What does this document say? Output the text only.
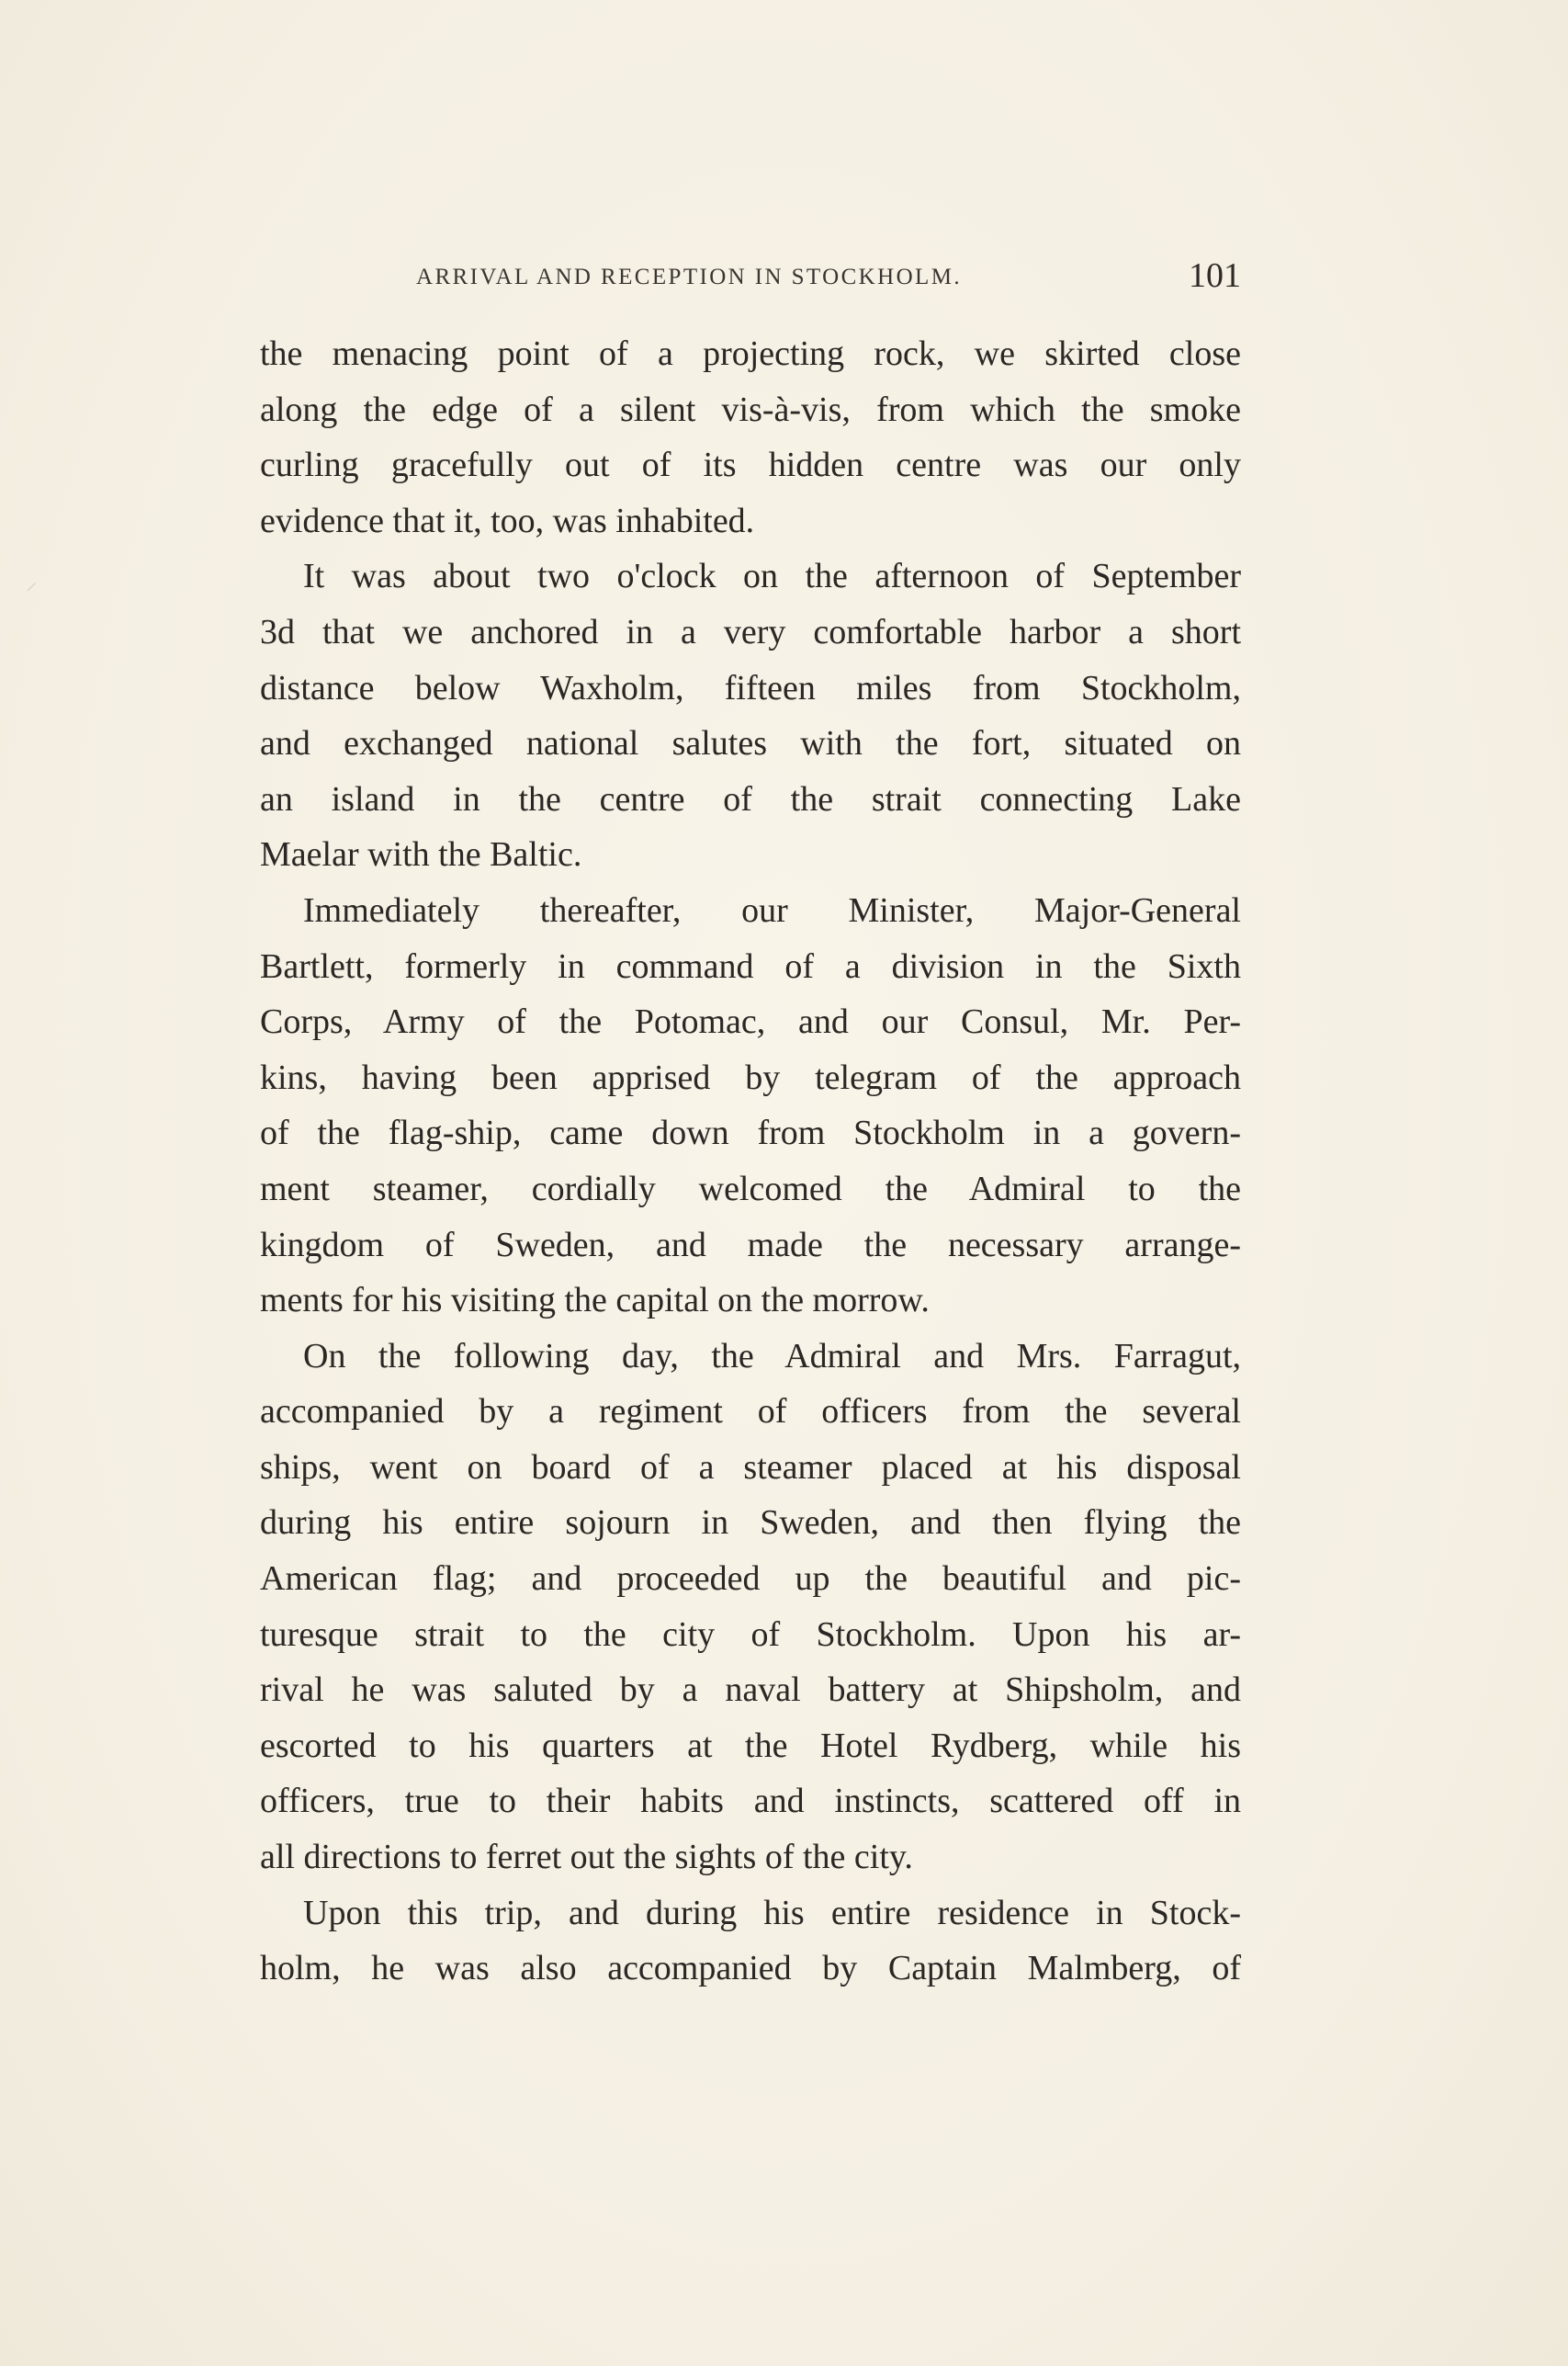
ARRIVAL AND RECEPTION IN STOCKHOLM.	101
the menacing point of a projecting rock, we skirted close
along the edge of a silent vis-à-vis, from which the smoke
curling gracefully out of its hidden centre was our only
evidence that it, too, was inhabited.
It was about two o'clock on the afternoon of September
3d that we anchored in a very comfortable harbor a short
distance below Waxholm, fifteen miles from Stockholm,
and exchanged national salutes with the fort, situated on
an island in the centre of the strait connecting Lake
Maelar with the Baltic.
Immediately thereafter, our Minister, Major-General
Bartlett, formerly in command of a division in the Sixth
Corps, Army of the Potomac, and our Consul, Mr. Per-
kins, having been apprised by telegram of the approach
of the flag-ship, came down from Stockholm in a govern-
ment steamer, cordially welcomed the Admiral to the
kingdom of Sweden, and made the necessary arrange-
ments for his visiting the capital on the morrow.
On the following day, the Admiral and Mrs. Farragut,
accompanied by a regiment of officers from the several
ships, went on board of a steamer placed at his disposal
during his entire sojourn in Sweden, and then flying the
American flag; and proceeded up the beautiful and pic-
turesque strait to the city of Stockholm. Upon his ar-
rival he was saluted by a naval battery at Shipsholm, and
escorted to his quarters at the Hotel Rydberg, while his
officers, true to their habits and instincts, scattered off in
all directions to ferret out the sights of the city.
Upon this trip, and during his entire residence in Stock-
holm, he was also accompanied by Captain Malmberg, of
